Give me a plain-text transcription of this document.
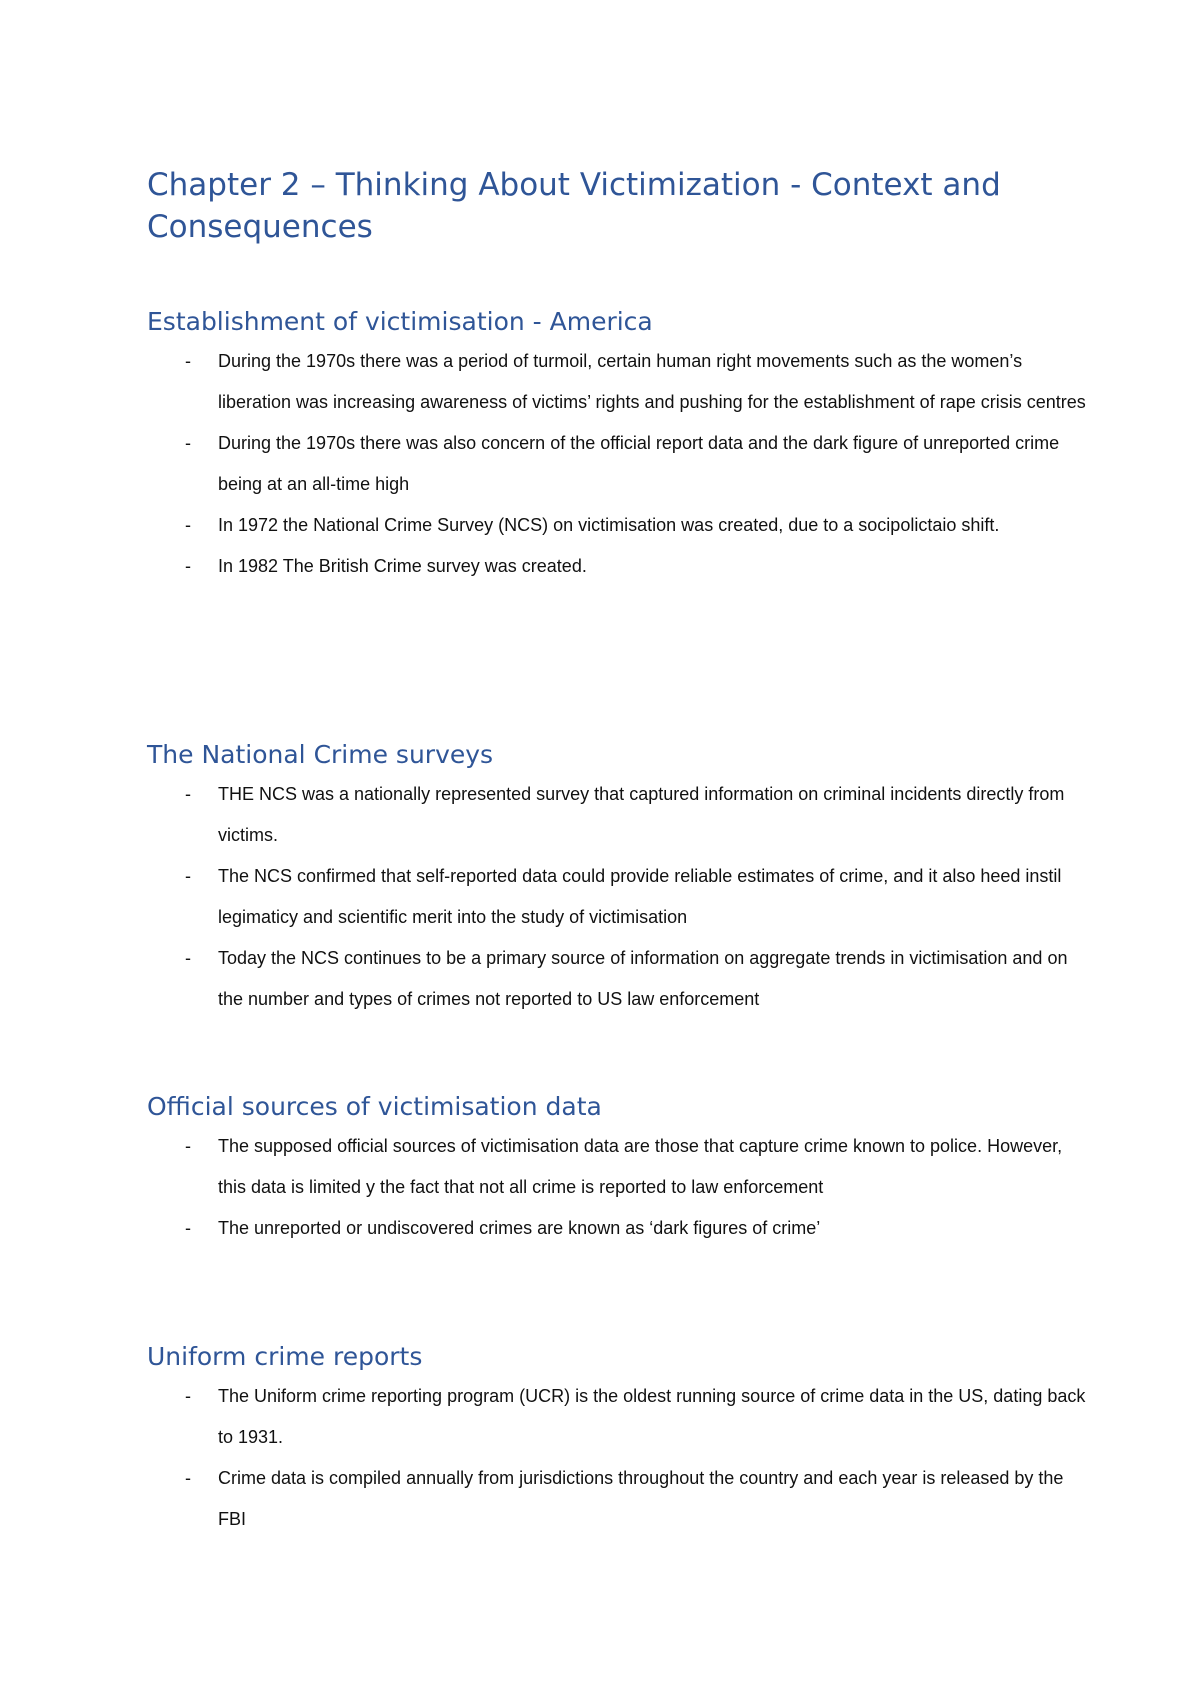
Chapter 2 – Thinking About Victimization - Context and Consequences
Establishment of victimisation - America
- During the 1970s there was a period of turmoil, certain human right movements such as the women’s liberation was increasing awareness of victims’ rights and pushing for the establishment of rape crisis centres
- During the 1970s there was also concern of the official report data and the dark figure of unreported crime being at an all-time high
- In 1972 the National Crime Survey (NCS) on victimisation was created, due to a socipolictaio shift.
- In 1982 The British Crime survey was created.
The National Crime surveys
- THE NCS was a nationally represented survey that captured information on criminal incidents directly from victims.
- The NCS confirmed that self-reported data could provide reliable estimates of crime, and it also heed instil legimaticy and scientific merit into the study of victimisation
- Today the NCS continues to be a primary source of information on aggregate trends in victimisation and on the number and types of crimes not reported to US law enforcement
Official sources of victimisation data
- The supposed official sources of victimisation data are those that capture crime known to police. However, this data is limited y the fact that not all crime is reported to law enforcement
- The unreported or undiscovered crimes are known as ‘dark figures of crime’
Uniform crime reports
- The Uniform crime reporting program (UCR) is the oldest running source of crime data in the US, dating back to 1931.
- Crime data is compiled annually from jurisdictions throughout the country and each year is released by the FBI
